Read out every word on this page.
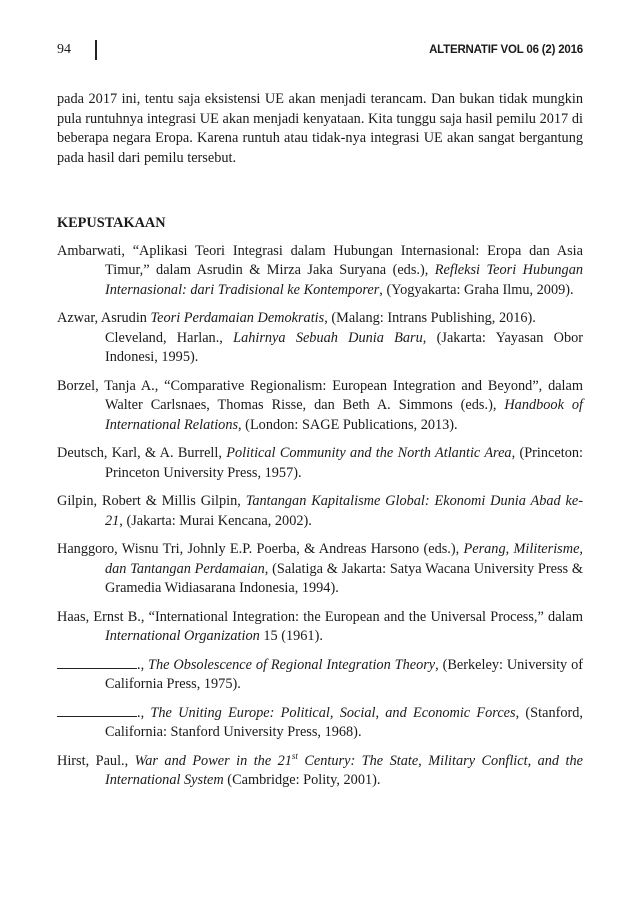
94	ALTERNATIF VOL 06 (2) 2016

pada 2017 ini, tentu saja eksistensi UE akan menjadi terancam. Dan bukan tidak mungkin pula runtuhnya integrasi UE akan menjadi kenyataan. Kita tunggu saja hasil pemilu 2017 di beberapa negara Eropa. Karena runtuh atau tidak-nya integrasi UE akan sangat bergantung pada hasil dari pemilu tersebut.

KEPUSTAKAAN

Ambarwati, “Aplikasi Teori Integrasi dalam Hubungan Internasional: Eropa dan Asia Timur,” dalam Asrudin & Mirza Jaka Suryana (eds.), Refleksi Teori Hubungan Internasional: dari Tradisional ke Kontemporer, (Yogyakarta: Graha Ilmu, 2009).

Azwar, Asrudin Teori Perdamaian Demokratis, (Malang: Intrans Publishing, 2016).
Cleveland, Harlan., Lahirnya Sebuah Dunia Baru, (Jakarta: Yayasan Obor Indonesi, 1995).

Borzel, Tanja A., “Comparative Regionalism: European Integration and Beyond”, dalam Walter Carlsnaes, Thomas Risse, dan Beth A. Simmons (eds.), Handbook of International Relations, (London: SAGE Publications, 2013).

Deutsch, Karl, & A. Burrell, Political Community and the North Atlantic Area, (Princeton: Princeton University Press, 1957).

Gilpin, Robert & Millis Gilpin, Tantangan Kapitalisme Global: Ekonomi Dunia Abad ke-21, (Jakarta: Murai Kencana, 2002).

Hanggoro, Wisnu Tri, Johnly E.P. Poerba, & Andreas Harsono (eds.), Perang, Militerisme, dan Tantangan Perdamaian, (Salatiga & Jakarta: Satya Wacana University Press & Gramedia Widiasarana Indonesia, 1994).

Haas, Ernst B., “International Integration: the European and the Universal Process,” dalam International Organization 15 (1961).

., The Obsolescence of Regional Integration Theory, (Berkeley: University of California Press, 1975).

., The Uniting Europe: Political, Social, and Economic Forces, (Stanford, California: Stanford University Press, 1968).

Hirst, Paul., War and Power in the 21st Century: The State, Military Conflict, and the International System (Cambridge: Polity, 2001).
